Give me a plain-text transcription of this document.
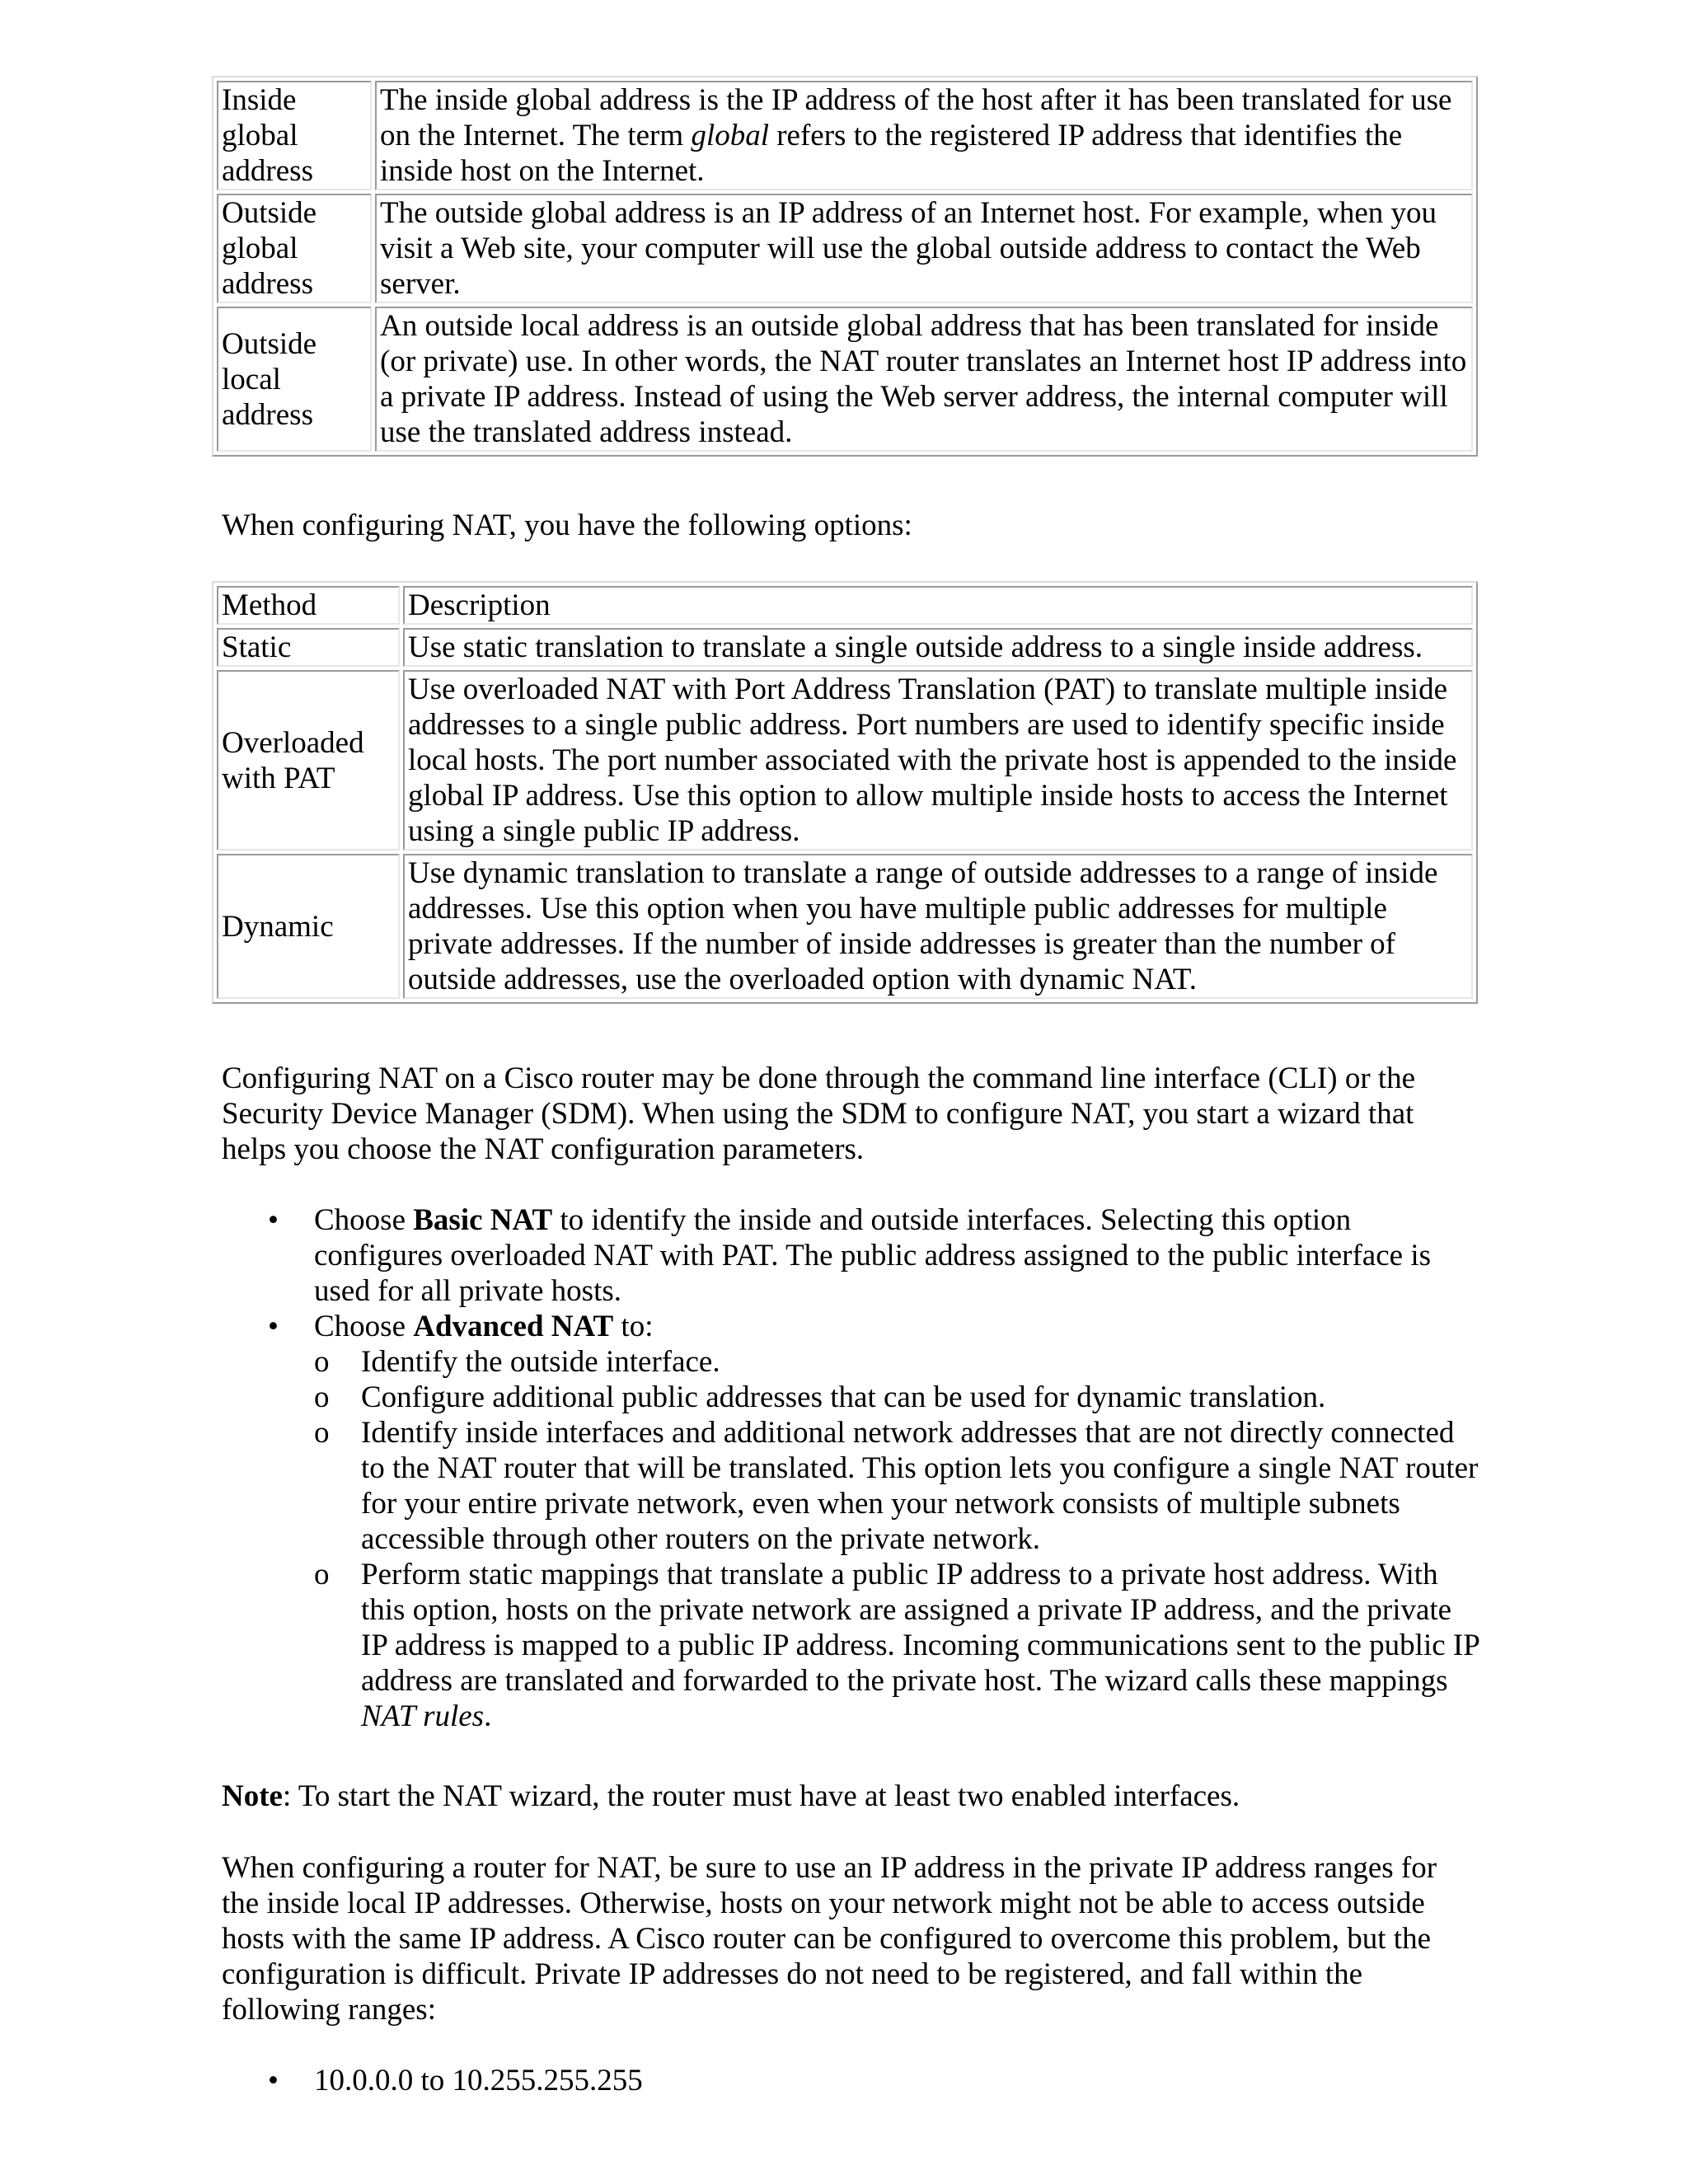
Inside global address	The inside global address is the IP address of the host after it has been translated for use on the Internet. The term global refers to the registered IP address that identifies the inside host on the Internet.
Outside global address	The outside global address is an IP address of an Internet host. For example, when you visit a Web site, your computer will use the global outside address to contact the Web server.
Outside local address	An outside local address is an outside global address that has been translated for inside (or private) use. In other words, the NAT router translates an Internet host IP address into a private IP address. Instead of using the Web server address, the internal computer will use the translated address instead.

When configuring NAT, you have the following options:

Method	Description
Static	Use static translation to translate a single outside address to a single inside address.
Overloaded with PAT	Use overloaded NAT with Port Address Translation (PAT) to translate multiple inside addresses to a single public address. Port numbers are used to identify specific inside local hosts. The port number associated with the private host is appended to the inside global IP address. Use this option to allow multiple inside hosts to access the Internet using a single public IP address.
Dynamic	Use dynamic translation to translate a range of outside addresses to a range of inside addresses. Use this option when you have multiple public addresses for multiple private addresses. If the number of inside addresses is greater than the number of outside addresses, use the overloaded option with dynamic NAT.

Configuring NAT on a Cisco router may be done through the command line interface (CLI) or the Security Device Manager (SDM). When using the SDM to configure NAT, you start a wizard that helps you choose the NAT configuration parameters.

•	Choose Basic NAT to identify the inside and outside interfaces. Selecting this option configures overloaded NAT with PAT. The public address assigned to the public interface is used for all private hosts.
•	Choose Advanced NAT to:
o	Identify the outside interface.
o	Configure additional public addresses that can be used for dynamic translation.
o	Identify inside interfaces and additional network addresses that are not directly connected to the NAT router that will be translated. This option lets you configure a single NAT router for your entire private network, even when your network consists of multiple subnets accessible through other routers on the private network.
o	Perform static mappings that translate a public IP address to a private host address. With this option, hosts on the private network are assigned a private IP address, and the private IP address is mapped to a public IP address. Incoming communications sent to the public IP address are translated and forwarded to the private host. The wizard calls these mappings NAT rules.

Note: To start the NAT wizard, the router must have at least two enabled interfaces.

When configuring a router for NAT, be sure to use an IP address in the private IP address ranges for the inside local IP addresses. Otherwise, hosts on your network might not be able to access outside hosts with the same IP address. A Cisco router can be configured to overcome this problem, but the configuration is difficult. Private IP addresses do not need to be registered, and fall within the following ranges:

•	10.0.0.0 to 10.255.255.255
